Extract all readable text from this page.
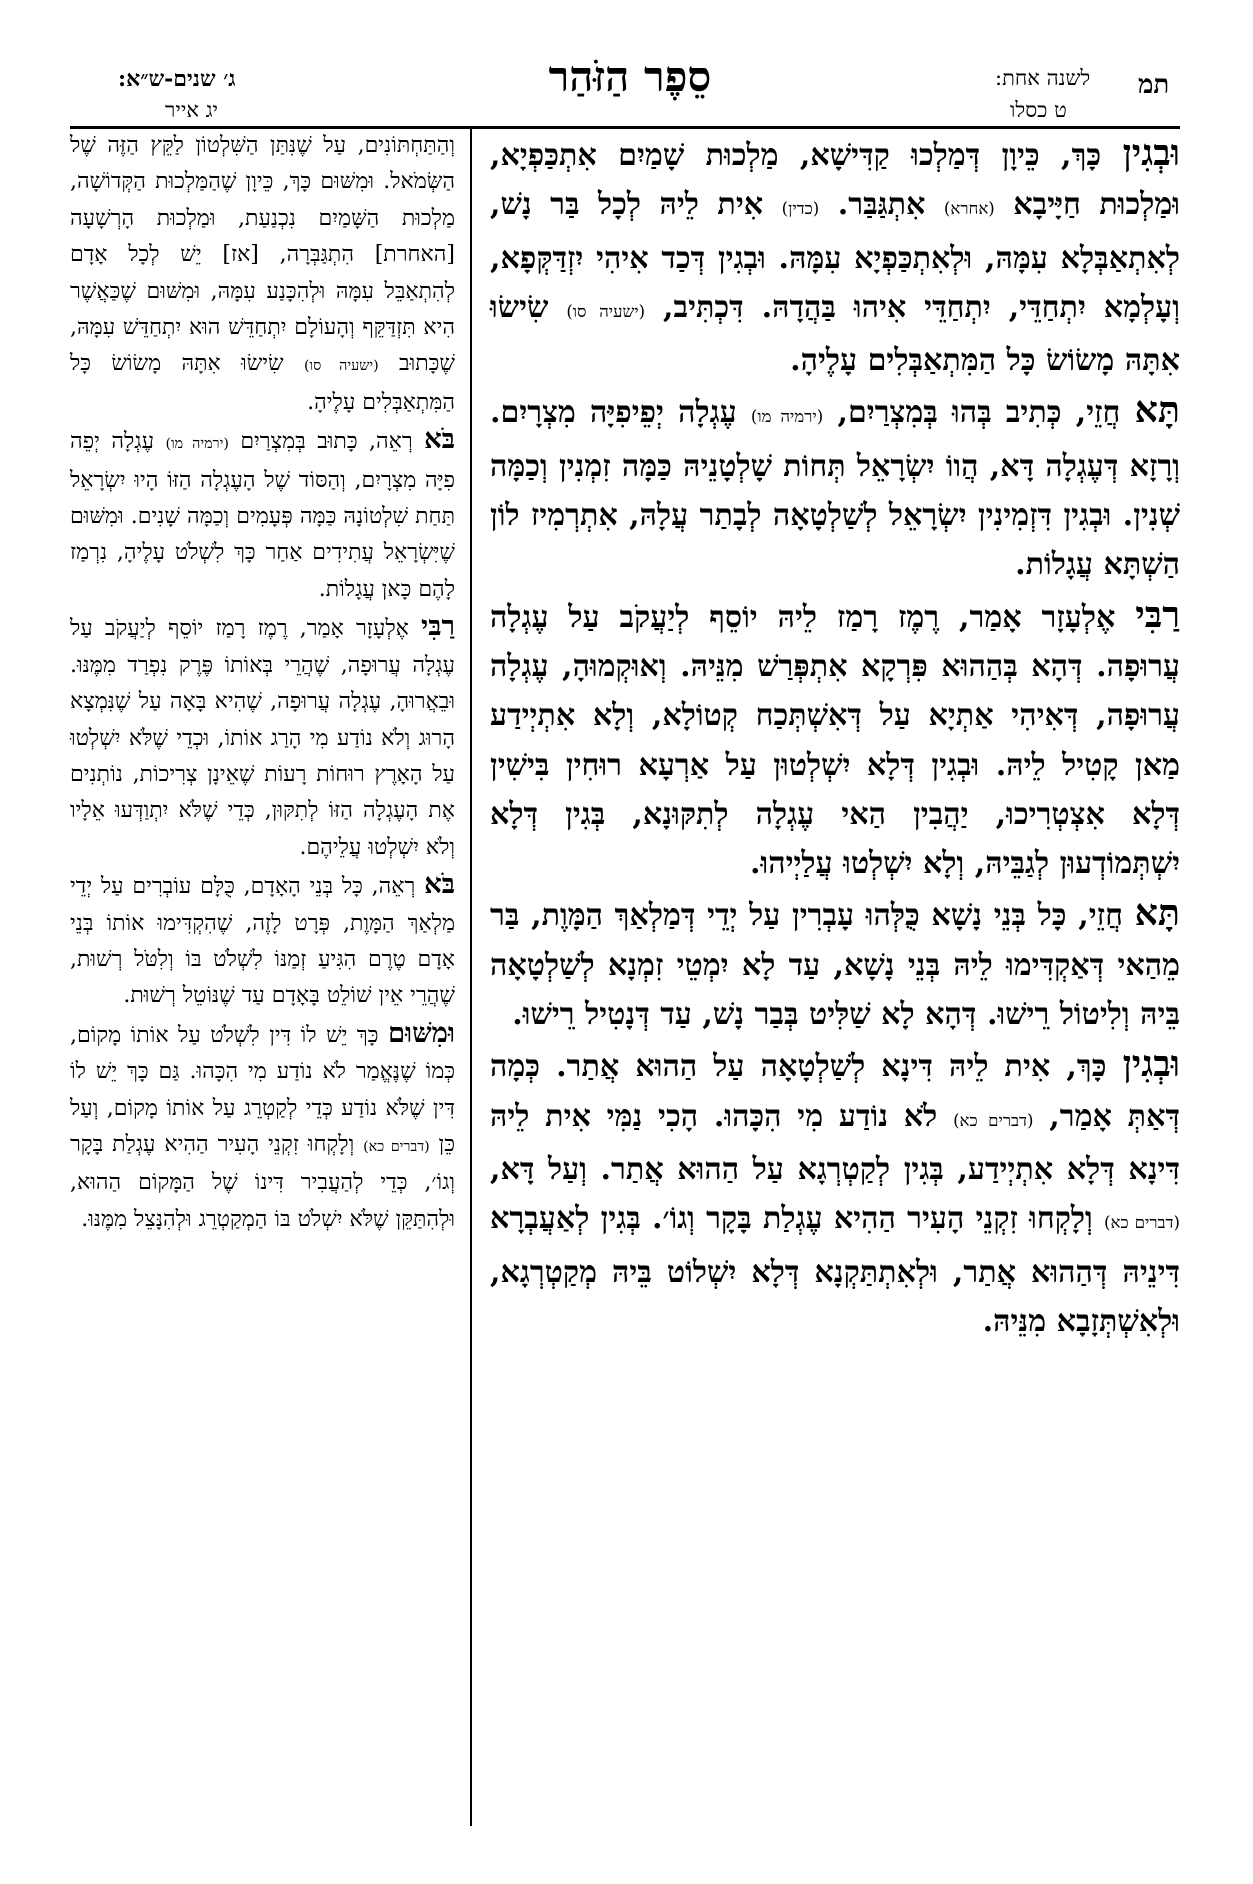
ג׳ שנים-ש״א:
יג אייר
סֵפֶר הַזֹּהַר	לשנה אחת:
ט כסלו
תמ

וּבְגִין כָּךְ, כֵּיוָן דְּמַלְכוּ קַדִּישָׁא, מַלְכוּת שָׁמַיִם אִתְכַּפְיָא, וּמַלְכוּת חַיָּיבָא (אחרא) אִתְגַּבַּר. (כדין) אִית לֵיהּ לְכָל בַּר נָשׁ, לְאִתְאַבְּלָא עִמָּהּ, וּלְאִתְכַּפְיָא עִמָּהּ. וּבְגִין דְּכַד אִיהִי יִזְדַּקְּפָא, וְעָלְמָא יִתְחַדֵּי, יִתְחַדֵּי אִיהוּ בַּהֲדָהּ. דִּכְתִּיב, (ישעיה סו) שִׂישׂוּ אִתָּהּ מָשׂוֹשׂ כָּל הַמִּתְאַבְּלִים עָלֶיהָ.

תָּא חֲזֵי, כְּתִיב בְּהוּ בְּמִצְרַיִם, (ירמיה מו) עֶגְלָה יְפֵיפִיָּה מִצְרָיִם. וְרָזָא דְּעֶגְלָה דָּא, הֲווֹ יִשְׂרָאֵל תְּחוֹת שָׁלְטָנֵיהּ כַּמָּה זִמְנִין וְכַמָּה שְׁנִין. וּבְגִין דִּזְמִינִין יִשְׂרָאֵל לְשַׁלְטָאָה לְבָתַר עֲלָהּ, אִתְרְמִיז לוֹן הַשְׁתָּא עֲגָלוֹת.

רַבִּי אֶלְעָזָר אָמַר, רֶמֶז רָמַז לֵיהּ יוֹסֵף לְיַעֲקֹב עַל עֶגְלָה עֲרוּפָה. דְּהָא בְּהַהוּא פִּרְקָא אִתְפְּרַשׁ מִנֵּיהּ. וְאוּקְמוּהָ, עֶגְלָה עֲרוּפָה, דְּאִיהִי אַתְיָא עַל דְּאִשְׁתְּכַח קְטוֹלָא, וְלָא אִתְיְידַע מַאן קָטִיל לֵיהּ. וּבְגִין דְּלָא יִשְׁלְטוּן עַל אַרְעָא רוּחִין בִּישִׁין דְּלָא אִצְטְרִיכוּ, יַהֲבִין הַאי עֶגְלָה לְתִקּוּנָא, בְּגִין דְּלָא יִשְׁתְּמוֹדְעוּן לְגַבֵּיהּ, וְלָא יִשְׁלְטוּ עֲלַיְיהוּ.

תָּא חֲזֵי, כָּל בְּנֵי נָשָׁא כֻּלְּהוּ עָבְרִין עַל יְדֵי דְּמַלְאַךְ הַמָּוֶת, בַּר מֵהַאי דְּאַקְדִּימוּ לֵיהּ בְּנֵי נָשָׁא, עַד לָא יִמְטֵי זִמְנָא לְשַׁלְטָאָה בֵּיהּ וְלִיטוֹל רֵישׁוּ. דְּהָא לָא שַׁלִּיט בְּבַר נָשׁ, עַד דְּנָטִיל רֵישׁוּ.

וּבְגִין כָּךְ, אִית לֵיהּ דִּינָא לְשַׁלְטָאָה עַל הַהוּא אֲתַר. כְּמָה דְּאַתְּ אָמַר, (דברים כא) לֹא נוֹדַע מִי הִכָּהוּ. הָכִי נַמִּי אִית לֵיהּ דִּינָא דְּלָא אִתְיְידַע, בְּגִין לְקַטְרְגָא עַל הַהוּא אֲתַר. וְעַל דָּא, (דברים כא) וְלָקְחוּ זִקְנֵי הָעִיר הַהִיא עֶגְלַת בָּקָר וְגוֹ׳. בְּגִין לְאַעֲבְרָא דִּינֵיהּ דְּהַהוּא אֲתַר, וּלְאִתְתַּקְנָא דְּלָא יִשְׁלוֹט בֵּיהּ מְקַטְרְגָא, וּלְאִשְׁתְּזָבָא מִנֵּיהּ.

וְהַתַּחְתּוֹנִים, עַל שֶׁנִּתַּן הַשִּׁלְטוֹן לַקֵּץ הַזֶּה שֶׁל הַשְּׂמֹאל. וּמִשּׁוּם כָּךְ, כֵּיוָן שֶׁהַמַּלְכוּת הַקְּדוֹשָׁה, מַלְכוּת הַשָּׁמַיִם נִכְנַעַת, וּמַלְכוּת הָרְשָׁעָה [האחרת] הִתְגַּבְּרָה, [אז] יֵשׁ לְכָל אָדָם לְהִתְאַבֵּל עִמָּהּ וּלְהִכָּנַע עִמָּהּ, וּמִשּׁוּם שֶׁכַּאֲשֶׁר הִיא תִּזְדַּקֵּף וְהָעוֹלָם יִתְחַדֵּשׁ הוּא יִתְחַדֵּשׁ עִמָּהּ, שֶׁכָּתוּב (ישעיה סו) שִׂישׂוּ אִתָּהּ מָשׂוֹשׂ כָּל הַמִּתְאַבְּלִים עָלֶיהָ.

בֹּא רְאֵה, כָּתוּב בְּמִצְרַיִם (ירמיה מו) עֶגְלָה יְפֵה פִיָּה מִצְרָיִם, וְהַסּוֹד שֶׁל הָעֶגְלָה הַזּוֹ הָיוּ יִשְׂרָאֵל תַּחַת שִׁלְטוֹנָהּ כַּמָּה פְּעָמִים וְכַמָּה שָׁנִים. וּמִשּׁוּם שֶׁיִּשְׂרָאֵל עֲתִידִים אַחַר כָּךְ לִשְׁלֹט עָלֶיהָ, נִרְמַז לָהֶם כָּאן עֲגָלוֹת.

רַבִּי אֶלְעָזָר אָמַר, רֶמֶז רָמַז יוֹסֵף לְיַעֲקֹב עַל עֶגְלָה עֲרוּפָה, שֶׁהֲרֵי בְּאוֹתוֹ פֶּרֶק נִפְרַד מִמֶּנּוּ. וּבֵאֲרוּהָ, עֶגְלָה עֲרוּפָה, שֶׁהִיא בָּאָה עַל שֶׁנִּמְצָא הָרוּג וְלֹא נוֹדַע מִי הָרַג אוֹתוֹ, וּכְדֵי שֶׁלֹּא יִשְׁלְטוּ עַל הָאָרֶץ רוּחוֹת רָעוֹת שֶׁאֵינָן צְרִיכוֹת, נוֹתְנִים אֶת הָעֶגְלָה הַזּוֹ לְתִקּוּן, כְּדֵי שֶׁלֹּא יִתְוַדְּעוּ אֵלָיו וְלֹא יִשְׁלְטוּ עֲלֵיהֶם.

בֹּא רְאֵה, כָּל בְּנֵי הָאָדָם, כֻּלָּם עוֹבְרִים עַל יְדֵי מַלְאַךְ הַמָּוֶת, פְּרָט לָזֶה, שֶׁהִקְדִּימוּ אוֹתוֹ בְּנֵי אָדָם טֶרֶם הִגִּיעַ זְמַנּוֹ לִשְׁלֹט בּוֹ וְלִטֹּל רְשׁוּת, שֶׁהֲרֵי אֵין שׁוֹלֵט בָּאָדָם עַד שֶׁנּוֹטֵל רְשׁוּת.

וּמִשּׁוּם כָּךְ יֵשׁ לוֹ דִּין לִשְׁלֹט עַל אוֹתוֹ מָקוֹם, כְּמוֹ שֶׁנֶּאֱמַר לֹא נוֹדַע מִי הִכָּהוּ. גַּם כָּךְ יֵשׁ לוֹ דִּין שֶׁלֹּא נוֹדַע כְּדֵי לְקַטְרֵג עַל אוֹתוֹ מָקוֹם, וְעַל כֵּן (דברים כא) וְלָקְחוּ זִקְנֵי הָעִיר הַהִיא עֶגְלַת בָּקָר וְגוֹ׳, כְּדֵי לְהַעֲבִיר דִּינוֹ שֶׁל הַמָּקוֹם הַהוּא, וּלְהִתַּקֵּן שֶׁלֹּא יִשְׁלֹט בּוֹ הַמְקַטְרֵג וּלְהִנָּצֵל מִמֶּנּוּ.
